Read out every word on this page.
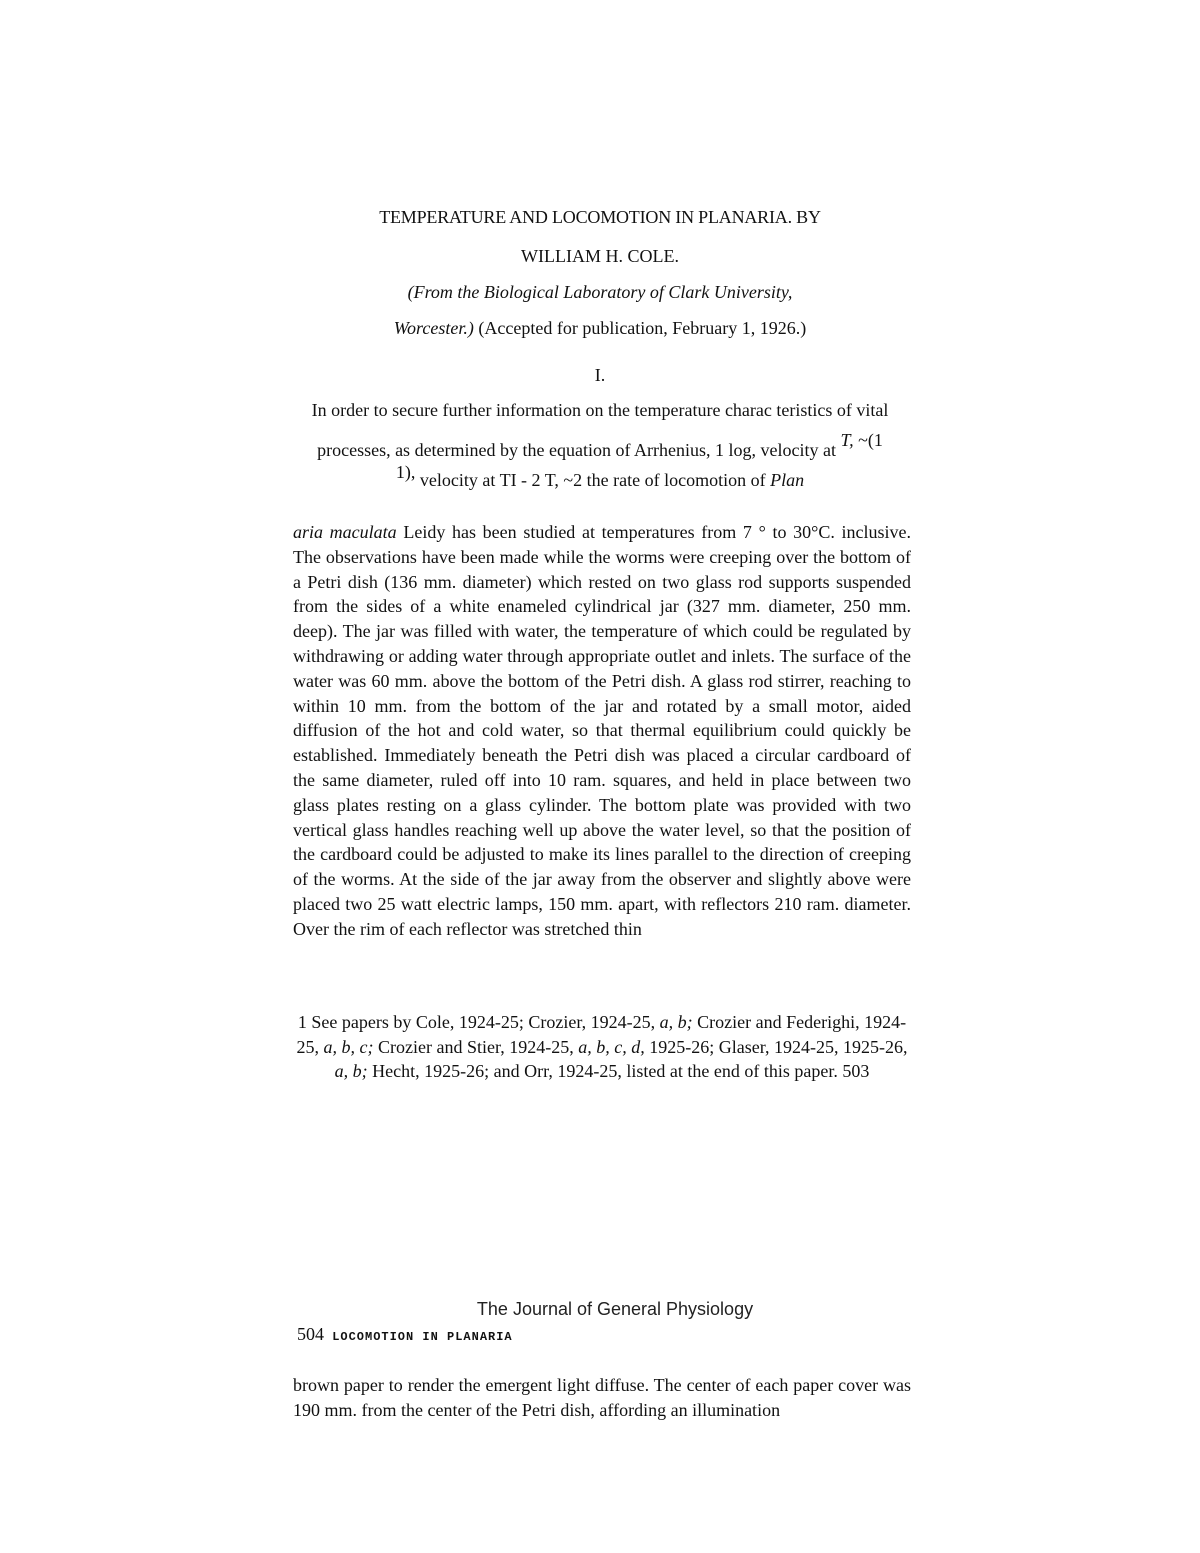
TEMPERATURE AND LOCOMOTION IN PLANARIA. BY
WILLIAM H. COLE.
(From the Biological Laboratory of Clark University,
Worcester.) (Accepted for publication, February 1, 1926.)
I.
In order to secure further information on the temperature charac teristics of vital
processes, as determined by the equation of Arrhenius, 1 log, velocity at T, ~(1
1), velocity at TI - 2 T, ~2 the rate of locomotion of Plan
aria maculata Leidy has been studied at temperatures from 7 ° to 30°C. inclusive. The observations have been made while the worms were creeping over the bottom of a Petri dish (136 mm. diameter) which rested on two glass rod supports suspended from the sides of a white enameled cylindrical jar (327 mm. diameter, 250 mm. deep). The jar was filled with water, the temperature of which could be regulated by withdrawing or adding water through appropriate outlet and inlets. The surface of the water was 60 mm. above the bottom of the Petri dish. A glass rod stirrer, reaching to within 10 mm. from the bottom of the jar and rotated by a small motor, aided diffusion of the hot and cold water, so that thermal equilibrium could quickly be established. Immediately beneath the Petri dish was placed a circular cardboard of the same diameter, ruled off into 10 ram. squares, and held in place between two glass plates resting on a glass cylinder. The bottom plate was provided with two vertical glass handles reaching well up above the water level, so that the position of the cardboard could be adjusted to make its lines parallel to the direction of creeping of the worms. At the side of the jar away from the observer and slightly above were placed two 25 watt electric lamps, 150 mm. apart, with reflectors 210 ram. diameter. Over the rim of each reflector was stretched thin
1 See papers by Cole, 1924-25; Crozier, 1924-25, a, b; Crozier and Federighi, 1924-25, a, b, c; Crozier and Stier, 1924-25, a, b, c, d, 1925-26; Glaser, 1924-25, 1925-26, a, b; Hecht, 1925-26; and Orr, 1924-25, listed at the end of this paper. 503
The Journal of General Physiology
504 LOCOMOTION IN PLANARIA
brown paper to render the emergent light diffuse. The center of each paper cover was 190 mm. from the center of the Petri dish, affording an illumination
